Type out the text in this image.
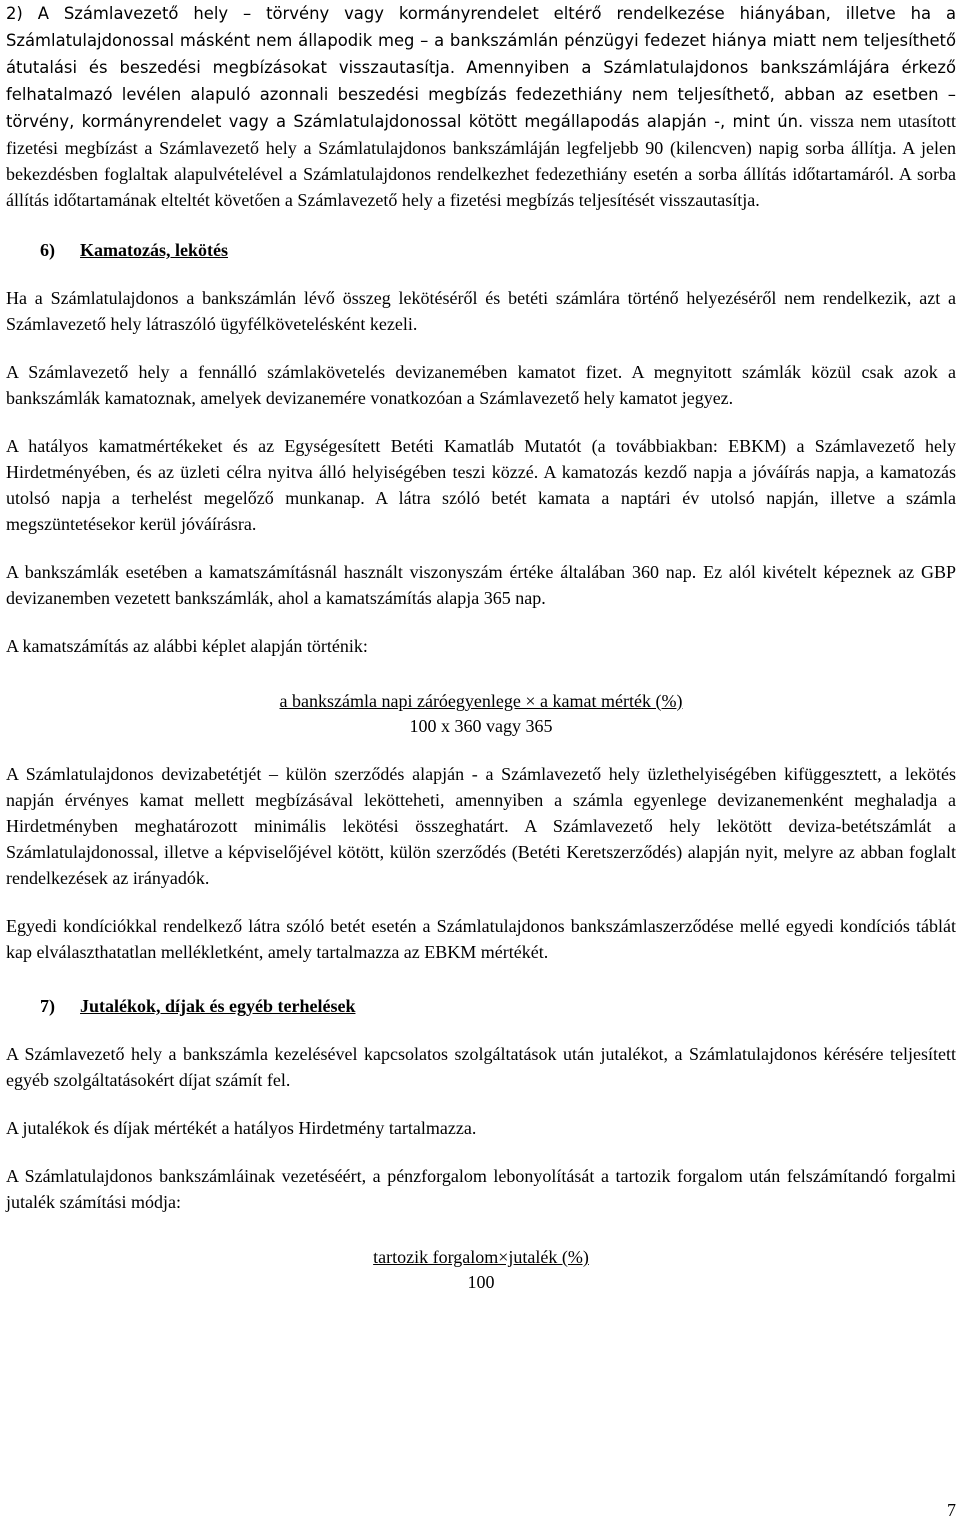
2) A Számlavezető hely – törvény vagy kormányrendelet eltérő rendelkezése hiányában, illetve ha a Számlatulajdonossal másként nem állapodik meg – a bankszámlán pénzügyi fedezet hiánya miatt nem teljesíthető átutalási és beszedési megbízásokat visszautasítja. Amennyiben a Számlatulajdonos bankszámlájára érkező felhatalmazó levélen alapuló azonnali beszedési megbízás fedezethiány nem teljesíthető, abban az esetben – törvény, kormányrendelet vagy a Számlatulajdonossal kötött megállapodás alapján -, mint ún. vissza nem utasított fizetési megbízást a Számlavezető hely a Számlatulajdonos bankszámláján legfeljebb 90 (kilencven) napig sorba állítja. A jelen bekezdésben foglaltak alapulvételével a Számlatulajdonos rendelkezhet fedezethiány esetén a sorba állítás időtartamáról. A sorba állítás időtartamának elteltét követően a Számlavezető hely a fizetési megbízás teljesítését visszautasítja.

6) Kamatozás, lekötés

Ha a Számlatulajdonos a bankszámlán lévő összeg lekötéséről és betéti számlára történő helyezéséről nem rendelkezik, azt a Számlavezető hely látraszóló ügyfélkövetelésként kezeli.

A Számlavezető hely a fennálló számlakövetelés devizanemében kamatot fizet. A megnyitott számlák közül csak azok a bankszámlák kamatoznak, amelyek devizanemére vonatkozóan a Számlavezető hely kamatot jegyez.

A hatályos kamatmértékeket és az Egységesített Betéti Kamatláb Mutatót (a továbbiakban: EBKM) a Számlavezető hely Hirdetményében, és az üzleti célra nyitva álló helyiségében teszi közzé. A kamatozás kezdő napja a jóváírás napja, a kamatozás utolsó napja a terhelést megelőző munkanap. A látra szóló betét kamata a naptári év utolsó napján, illetve a számla megszüntetésekor kerül jóváírásra.

A bankszámlák esetében a kamatszámításnál használt viszonyszám értéke általában 360 nap. Ez alól kivételt képeznek az GBP devizanemben vezetett bankszámlák, ahol a kamatszámítás alapja 365 nap.

A kamatszámítás az alábbi képlet alapján történik:

a bankszámla napi záróegyenlege × a kamat mérték (%)
100 x 360 vagy 365

A Számlatulajdonos devizabetétjét – külön szerződés alapján - a Számlavezető hely üzlethelyiségében kifüggesztett, a lekötés napján érvényes kamat mellett megbízásával lekötteheti, amennyiben a számla egyenlege devizanemenként meghaladja a Hirdetményben meghatározott minimális lekötési összeghatárt. A Számlavezető hely lekötött deviza-betétszámlát a Számlatulajdonossal, illetve a képviselőjével kötött, külön szerződés (Betéti Keretszerződés) alapján nyit, melyre az abban foglalt rendelkezések az irányadók.

Egyedi kondíciókkal rendelkező látra szóló betét esetén a Számlatulajdonos bankszámlaszerződése mellé egyedi kondíciós táblát kap elválaszthatatlan mellékletként, amely tartalmazza az EBKM mértékét.

7) Jutalékok, díjak és egyéb terhelések

A Számlavezető hely a bankszámla kezelésével kapcsolatos szolgáltatások után jutalékot, a Számlatulajdonos kérésére teljesített egyéb szolgáltatásokért díjat számít fel.

A jutalékok és díjak mértékét a hatályos Hirdetmény tartalmazza.

A Számlatulajdonos bankszámláinak vezetéséért, a pénzforgalom lebonyolítását a tartozik forgalom után felszámítandó forgalmi jutalék számítási módja:

tartozik forgalom×jutalék (%)
100
7
